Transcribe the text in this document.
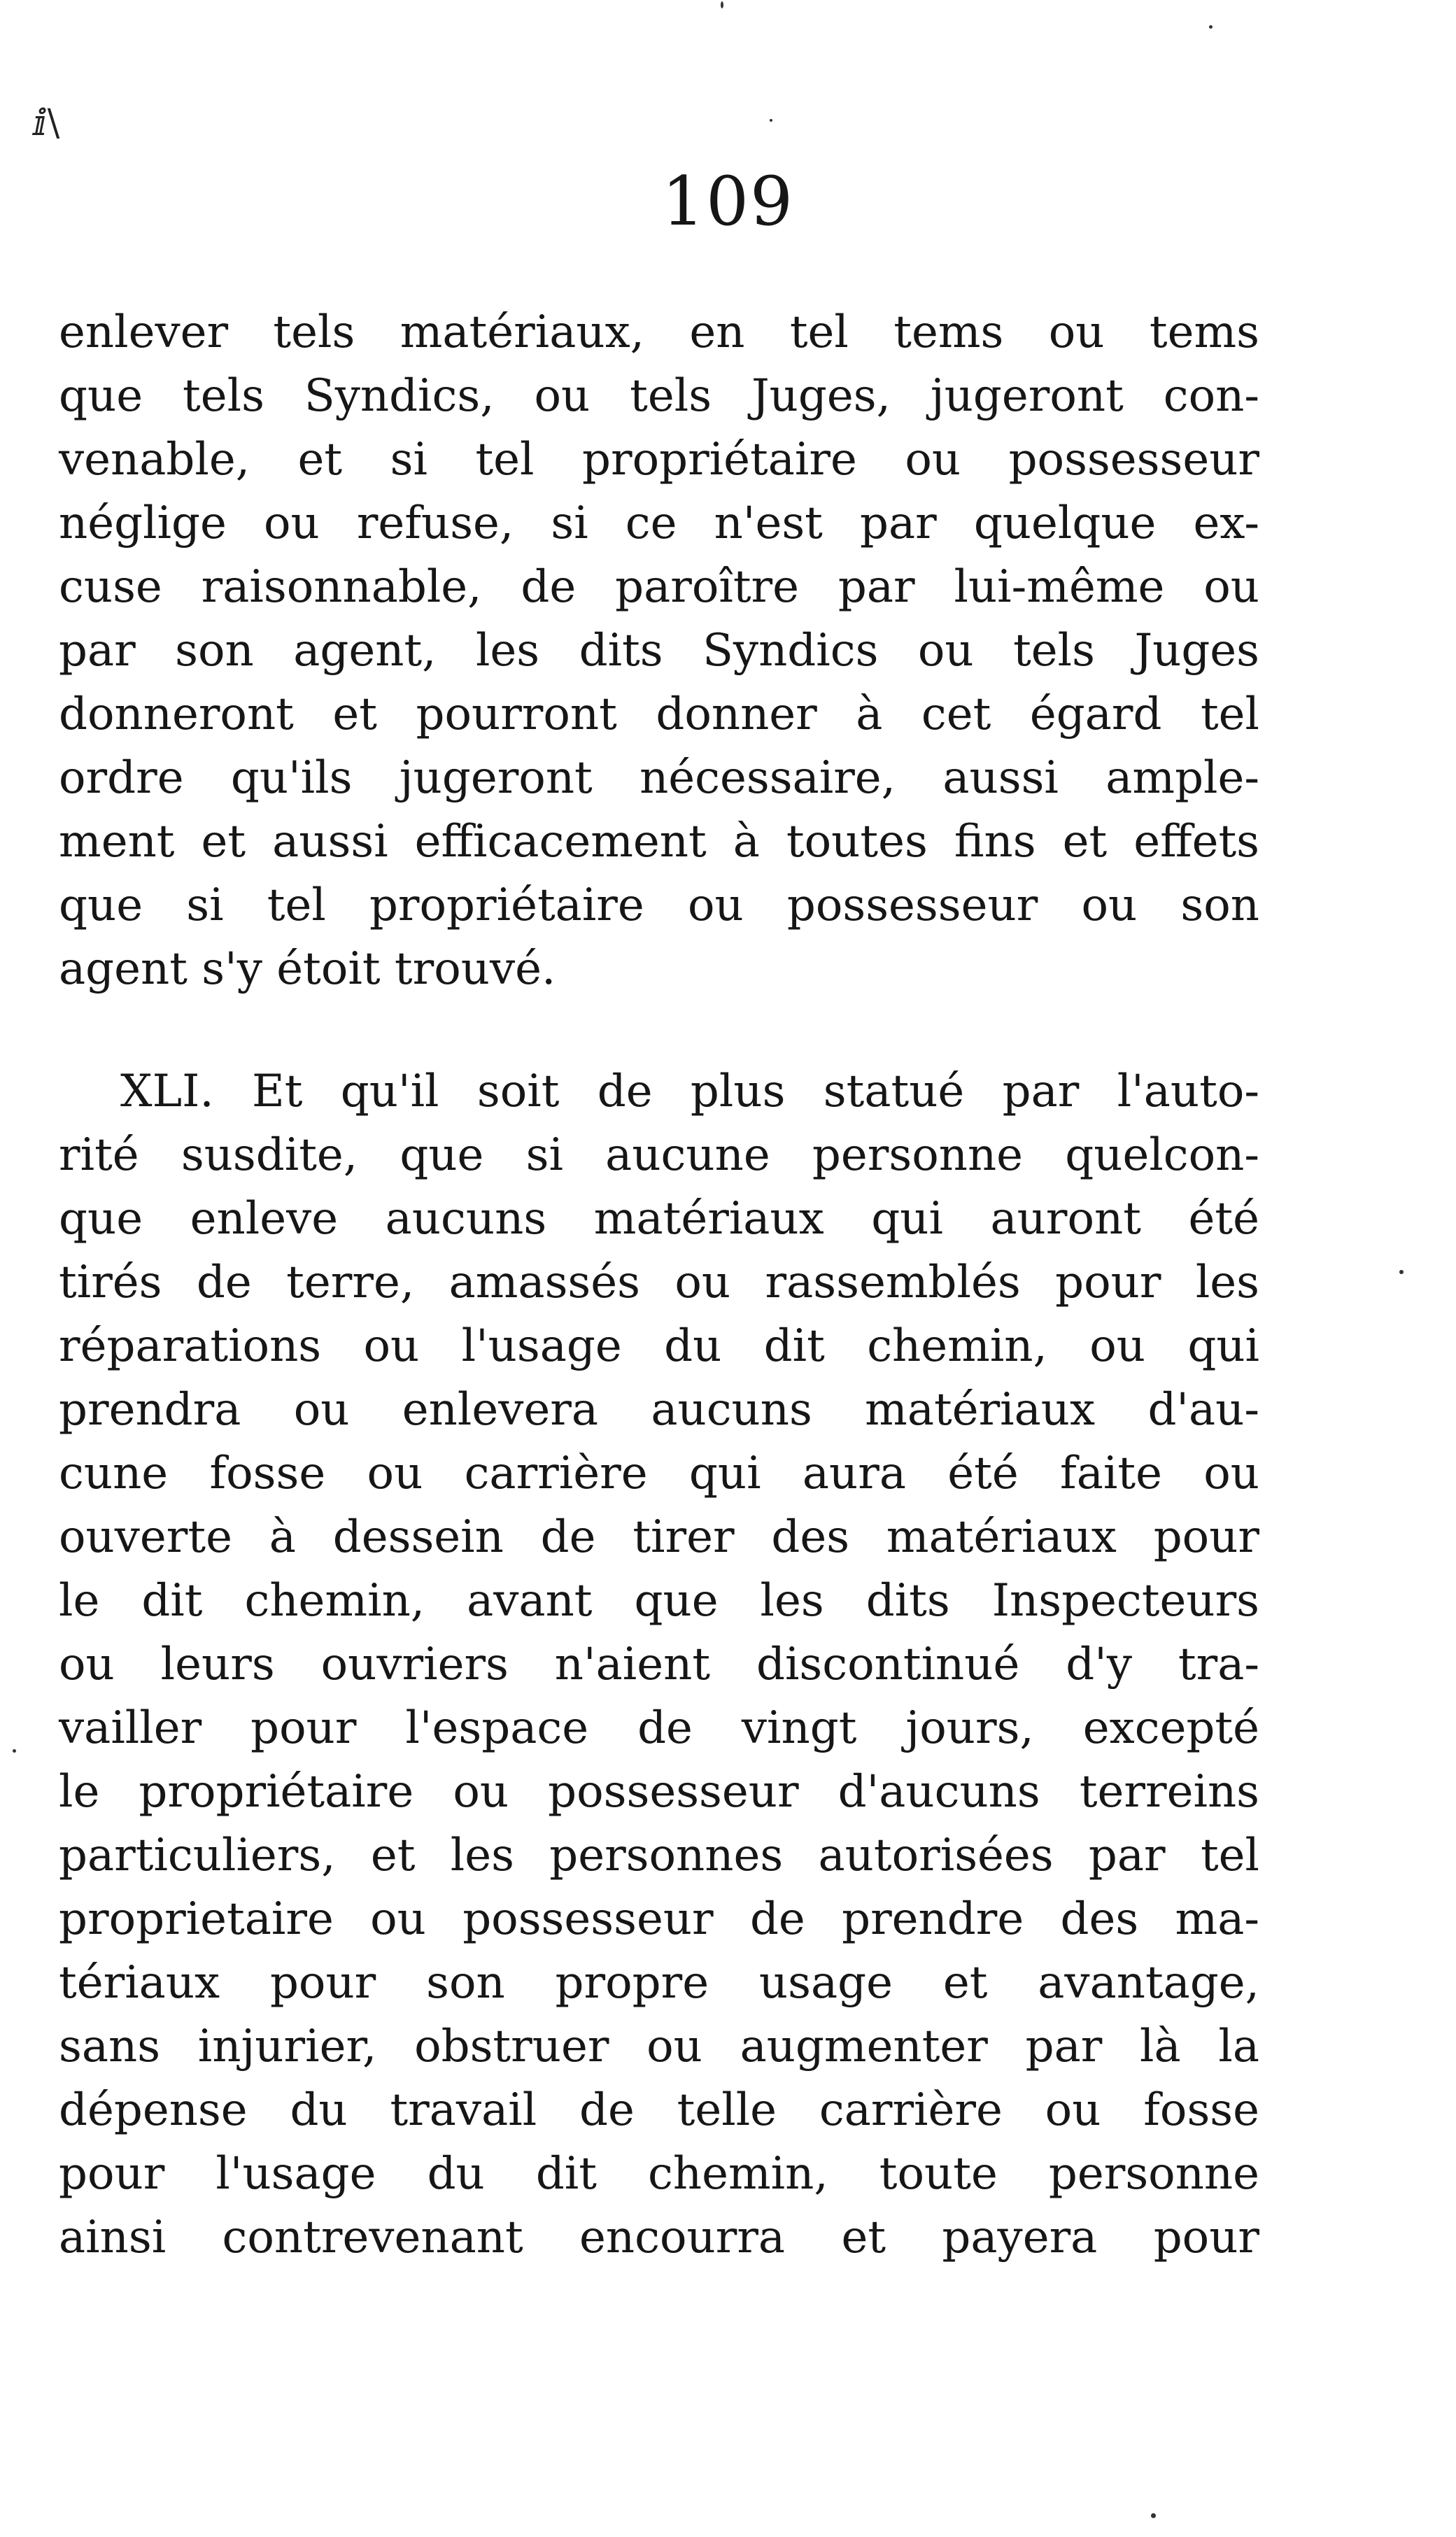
ⅈ\
109
enlever tels matériaux, en tel tems ou tems
que tels Syndics, ou tels Juges, jugeront con-
venable, et si tel propriétaire ou possesseur
néglige ou refuse, si ce n'est par quelque ex-
cuse raisonnable, de paroître par lui-même ou
par son agent, les dits Syndics ou tels Juges
donneront et pourront donner à cet égard tel
ordre qu'ils jugeront nécessaire, aussi ample-
ment et aussi efficacement à toutes fins et effets
que si tel propriétaire ou possesseur ou son
agent s'y étoit trouvé.
XLI. Et qu'il soit de plus statué par l'auto-
rité susdite, que si aucune personne quelcon-
que enleve aucuns matériaux qui auront été
tirés de terre, amassés ou rassemblés pour les
réparations ou l'usage du dit chemin, ou qui
prendra ou enlevera aucuns matériaux d'au-
cune fosse ou carrière qui aura été faite ou
ouverte à dessein de tirer des matériaux pour
le dit chemin, avant que les dits Inspecteurs
ou leurs ouvriers n'aient discontinué d'y tra-
vailler pour l'espace de vingt jours, excepté
le propriétaire ou possesseur d'aucuns terreins
particuliers, et les personnes autorisées par tel
proprietaire ou possesseur de prendre des ma-
tériaux pour son propre usage et avantage,
sans injurier, obstruer ou augmenter par là la
dépense du travail de telle carrière ou fosse
pour l'usage du dit chemin, toute personne
ainsi contrevenant encourra et payera pour
